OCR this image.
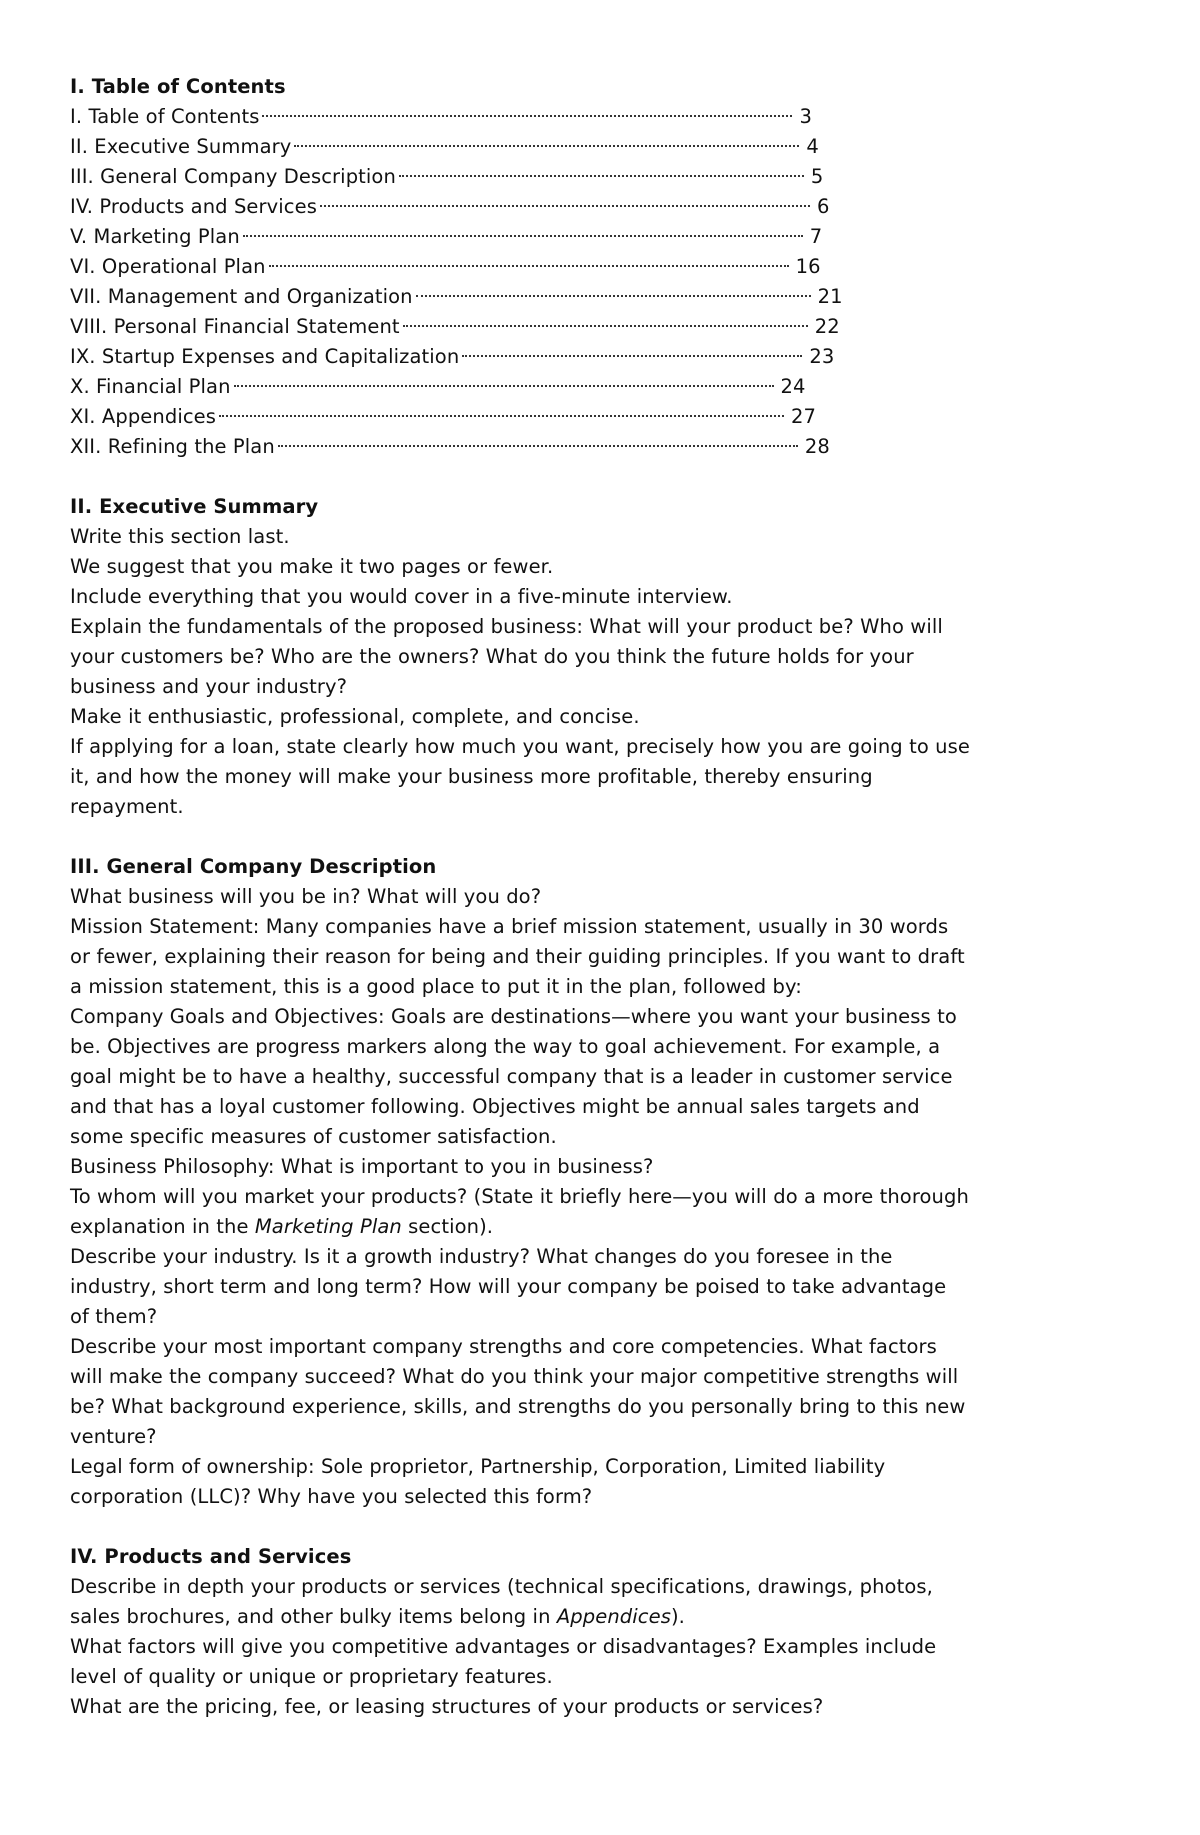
I. Table of Contents
I. Table of Contents	3
II. Executive Summary	4
III. General Company Description	5
IV. Products and Services	6
V. Marketing Plan	7
VI. Operational Plan	16
VII. Management and Organization	21
VIII. Personal Financial Statement	22
IX. Startup Expenses and Capitalization	23
X. Financial Plan	24
XI. Appendices	27
XII. Refining the Plan	28
II. Executive Summary

Write this section last.

We suggest that you make it two pages or fewer.

Include everything that you would cover in a five-minute interview.

Explain the fundamentals of the proposed business: What will your product be? Who will your customers be? Who are the owners? What do you think the future holds for your business and your industry?

Make it enthusiastic, professional, complete, and concise.

If applying for a loan, state clearly how much you want, precisely how you are going to use it, and how the money will make your business more profitable, thereby ensuring repayment.

III. General Company Description

What business will you be in? What will you do?

Mission Statement: Many companies have a brief mission statement, usually in 30 words or fewer, explaining their reason for being and their guiding principles. If you want to draft a mission statement, this is a good place to put it in the plan, followed by:

Company Goals and Objectives: Goals are destinations—where you want your business to be. Objectives are progress markers along the way to goal achievement. For example, a goal might be to have a healthy, successful company that is a leader in customer service and that has a loyal customer following. Objectives might be annual sales targets and some specific measures of customer satisfaction.

Business Philosophy: What is important to you in business?

To whom will you market your products? (State it briefly here—you will do a more thorough explanation in the Marketing Plan section).

Describe your industry. Is it a growth industry? What changes do you foresee in the industry, short term and long term? How will your company be poised to take advantage of them?

Describe your most important company strengths and core competencies. What factors will make the company succeed? What do you think your major competitive strengths will be? What background experience, skills, and strengths do you personally bring to this new venture?

Legal form of ownership: Sole proprietor, Partnership, Corporation, Limited liability corporation (LLC)? Why have you selected this form?

IV. Products and Services

Describe in depth your products or services (technical specifications, drawings, photos, sales brochures, and other bulky items belong in Appendices).

What factors will give you competitive advantages or disadvantages? Examples include level of quality or unique or proprietary features.

What are the pricing, fee, or leasing structures of your products or services?
